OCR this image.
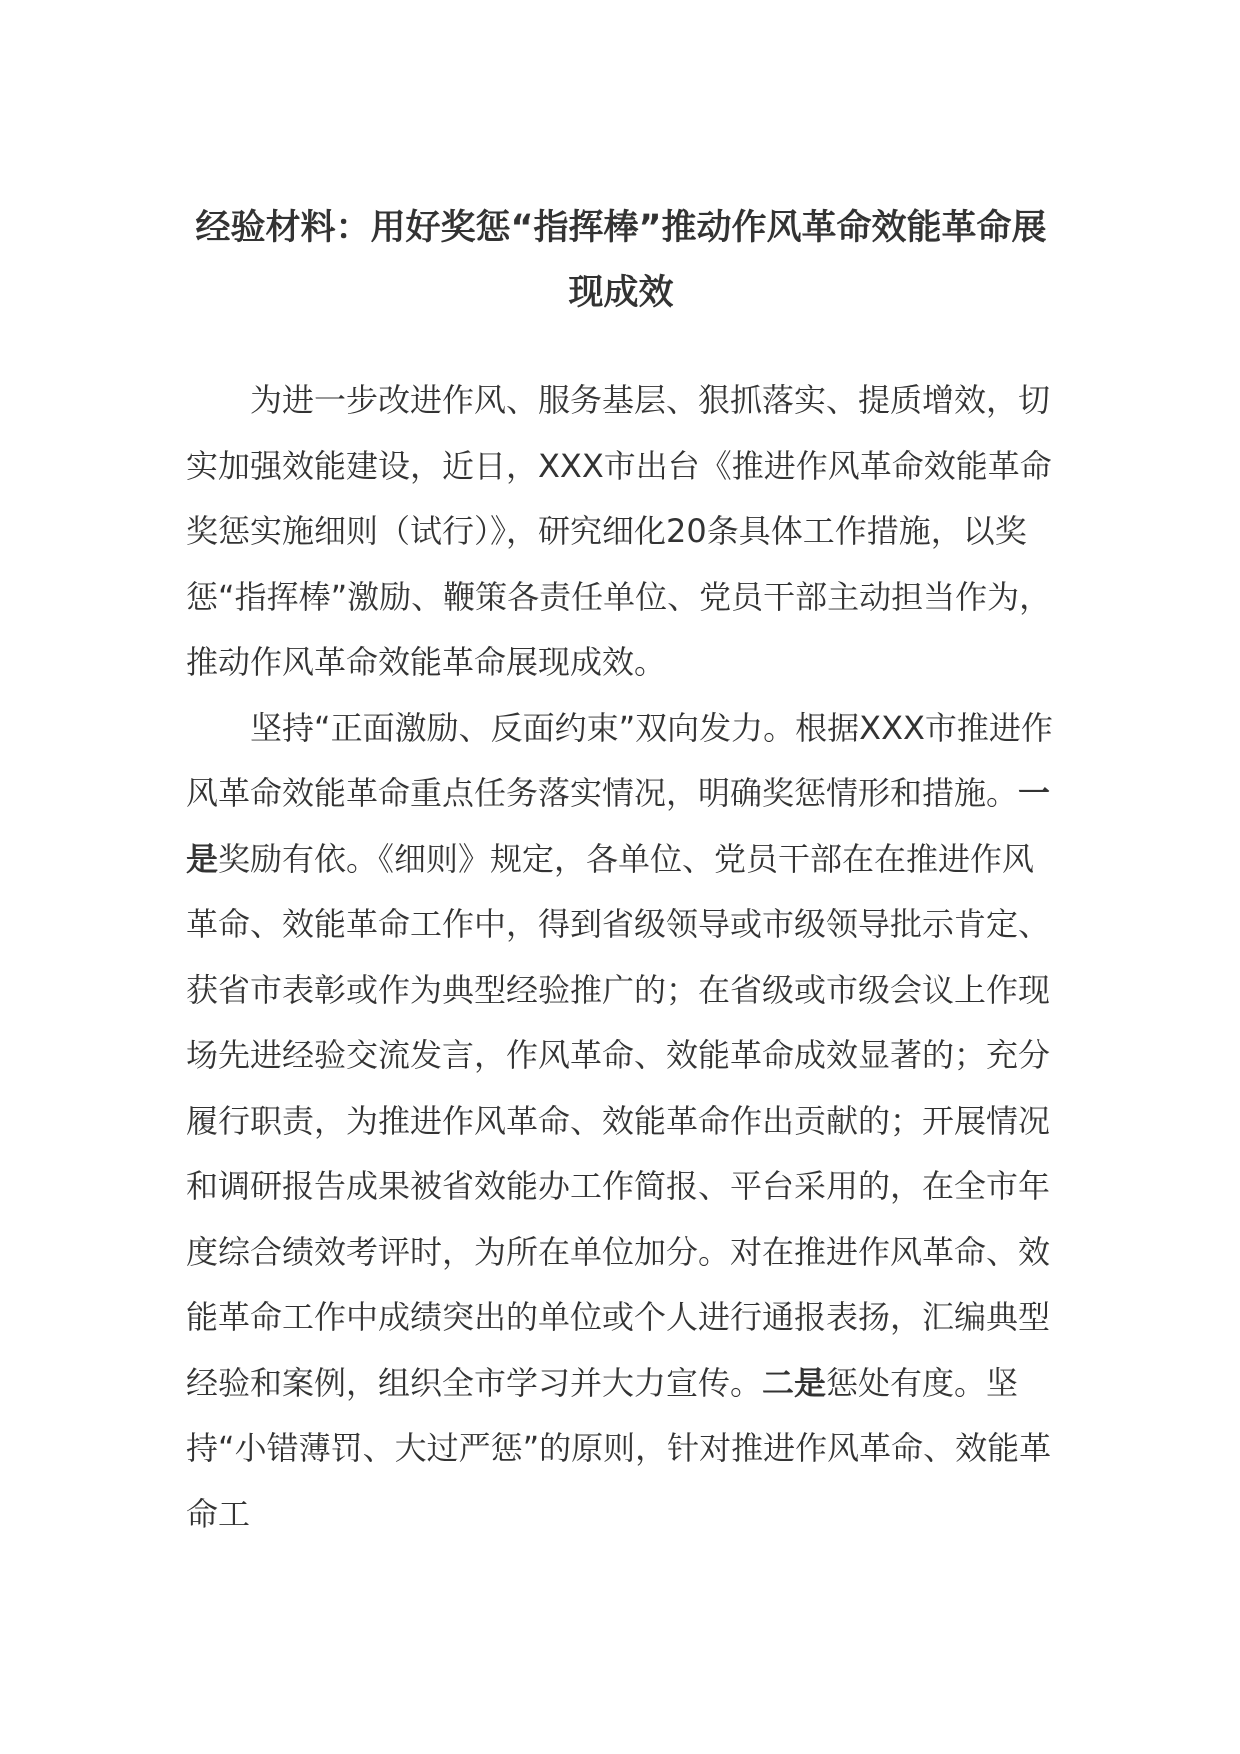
经验材料：用好奖惩“指挥棒”推动作风革命效能革命展现成效

为进一步改进作风、服务基层、狠抓落实、提质增效，切实加强效能建设，近日，XXX市出台《推进作风革命效能革命奖惩实施细则（试行）》，研究细化20条具体工作措施，以奖惩“指挥棒”激励、鞭策各责任单位、党员干部主动担当作为，推动作风革命效能革命展现成效。

坚持“正面激励、反面约束”双向发力。根据XXX市推进作风革命效能革命重点任务落实情况，明确奖惩情形和措施。一是奖励有依。《细则》规定，各单位、党员干部在在推进作风革命、效能革命工作中，得到省级领导或市级领导批示肯定、获省市表彰或作为典型经验推广的；在省级或市级会议上作现场先进经验交流发言，作风革命、效能革命成效显著的；充分履行职责，为推进作风革命、效能革命作出贡献的；开展情况和调研报告成果被省效能办工作简报、平台采用的，在全市年度综合绩效考评时，为所在单位加分。对在推进作风革命、效能革命工作中成绩突出的单位或个人进行通报表扬，汇编典型经验和案例，组织全市学习并大力宣传。二是惩处有度。坚持“小错薄罚、大过严惩”的原则，针对推进作风革命、效能革命工
